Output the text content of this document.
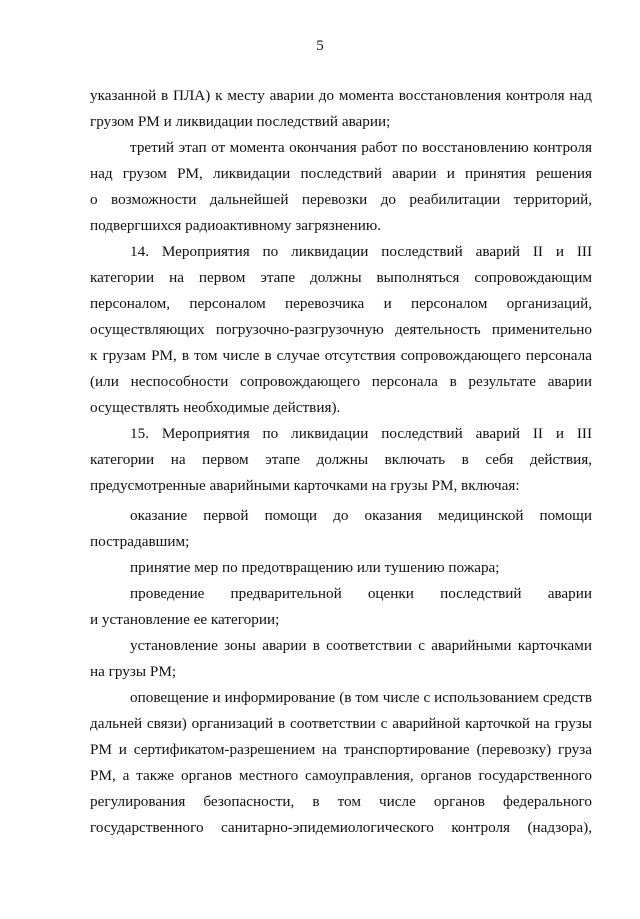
5
указанной в ПЛА) к месту аварии до момента восстановления контроля над
грузом РМ и ликвидации последствий аварии;
третий этап от момента окончания работ по восстановлению контроля
над грузом РМ, ликвидации последствий аварии и принятия решения
о возможности дальнейшей перевозки до реабилитации территорий,
подвергшихся радиоактивному загрязнению.
14. Мероприятия по ликвидации последствий аварий II и III
категории на первом этапе должны выполняться сопровождающим
персоналом, персоналом перевозчика и персоналом организаций,
осуществляющих погрузочно-разгрузочную деятельность применительно
к грузам РМ, в том числе в случае отсутствия сопровождающего персонала
(или неспособности сопровождающего персонала в результате аварии
осуществлять необходимые действия).
15. Мероприятия по ликвидации последствий аварий II и III
категории на первом этапе должны включать в себя действия,
предусмотренные аварийными карточками на грузы РМ, включая:
оказание первой помощи до оказания медицинской помощи
пострадавшим;
принятие мер по предотвращению или тушению пожара;
проведение предварительной оценки последствий аварии
и установление ее категории;
установление зоны аварии в соответствии с аварийными карточками
на грузы РМ;
оповещение и информирование (в том числе с использованием средств
дальней связи) организаций в соответствии с аварийной карточкой на грузы
РМ и сертификатом-разрешением на транспортирование (перевозку) груза
РМ, а также органов местного самоуправления, органов государственного
регулирования безопасности, в том числе органов федерального
государственного санитарно-эпидемиологического контроля (надзора),
